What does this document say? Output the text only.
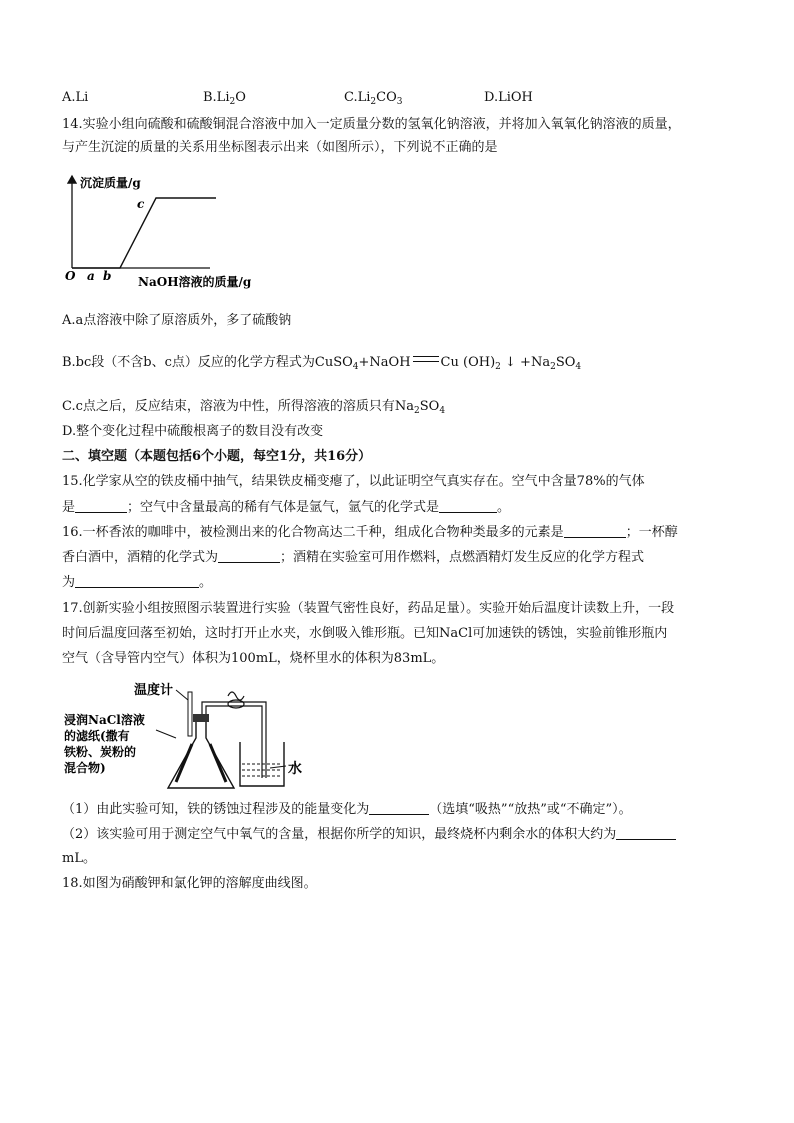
A.Li	$B.Li_2O$	$C.Li_2CO_3$	D.LiOH
14.实验小组向硫酸和硫酸铜混合溶液中加入一定质量分数的氢氧化钠溶液，并将加入氧氧化钠溶液的质量，
与产生沉淀的质量的关系用坐标图表示出来（如图所示），下列说不正确的是
沉淀质量/g
NaOH溶液的质量/g
O a b
c
A.a点溶液中除了原溶质外，多了硫酸钠
B.bc段（不含b、c点）反应的化学方程式为CuSO$_4$+NaOH Cu $(OH)_2$ ↓ $+Na_2SO_4$
C.c点之后，反应结束，溶液为中性，所得溶液的溶质只有$Na_2SO_4$
D.整个变化过程中硫酸根离子的数目没有改变
二、填空题（本题包括6个小题，每空1分，共16分）
15.化学家从空的铁皮桶中抽气，结果铁皮桶变瘪了，以此证明空气真实存在。空气中含量78%的气体
是	；空气中含量最高的稀有气体是氩气，氩气的化学式是	。
16.一杯香浓的咖啡中，被检测出来的化合物高达二千种，组成化合物种类最多的元素是	；一杯醇
香白酒中，酒精的化学式为	；酒精在实验室可用作燃料，点燃酒精灯发生反应的化学方程式
为	。
17.创新实验小组按照图示装置进行实验（装置气密性良好，药品足量）。实验开始后温度计读数上升，一段
时间后温度回落至初始，这时打开止水夹，水倒吸入锥形瓶。已知NaCl可加速铁的锈蚀，实验前锥形瓶内
空气（含导管内空气）体积为100mL，烧杯里水的体积为83mL。
温度计
浸润NaCl溶液
的滤纸(撒有
铁粉、炭粉的
混合物)	水
（1）由此实验可知，铁的锈蚀过程涉及的能量变化为	（选填“吸热”“放热”或“不确定”）。
（2）该实验可用于测定空气中氧气的含量，根据你所学的知识，最终烧杯内剩余水的体积大约为
mL。
18.如图为硝酸钾和氯化钾的溶解度曲线图。
